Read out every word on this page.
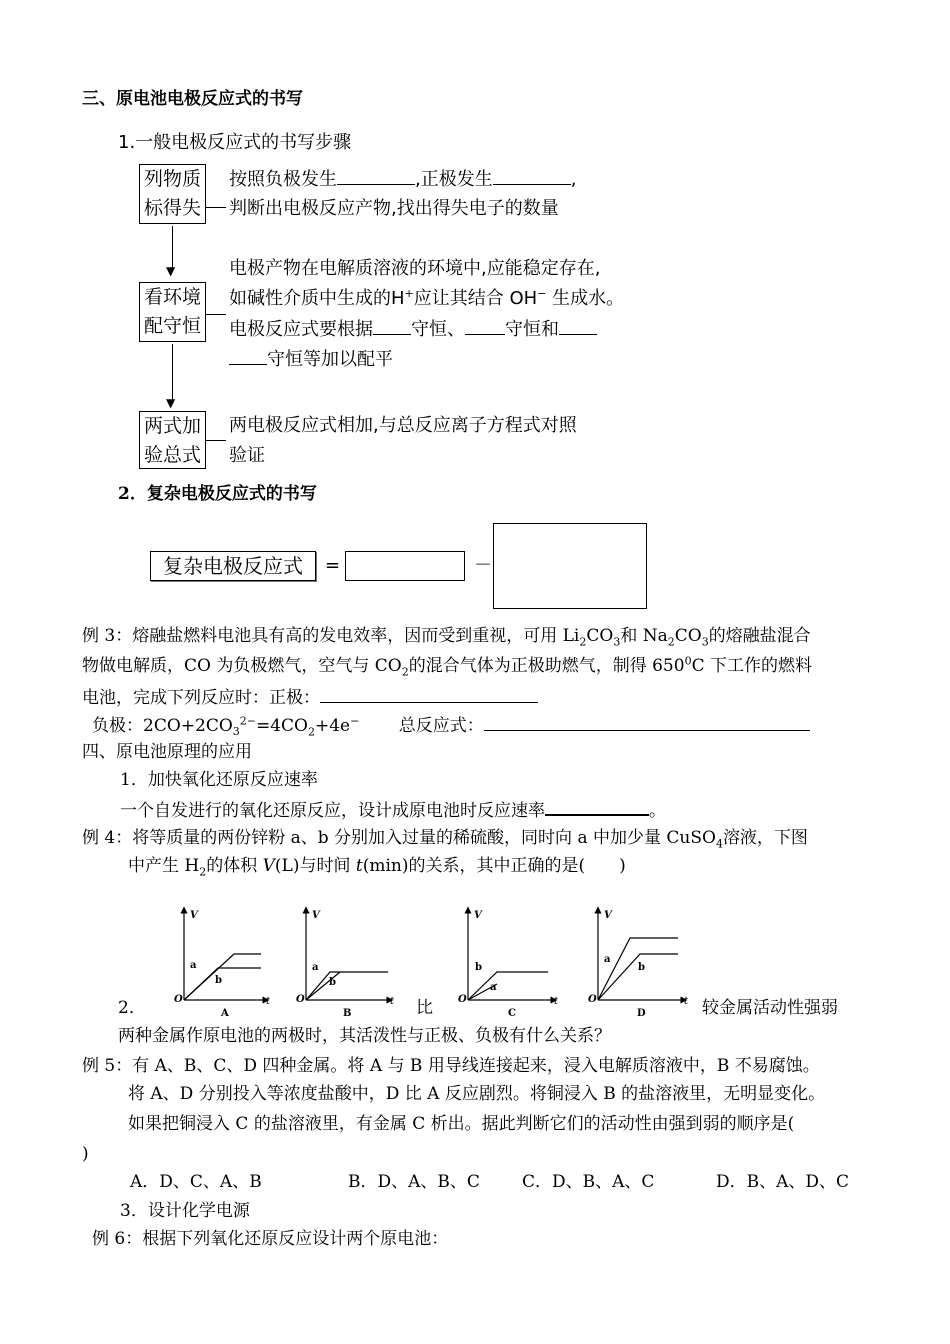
三、原电池电极反应式的书写
1.一般电极反应式的书写步骤
列物质
标得失
按照负极发生	,正极发生	,
判断出电极反应产物,找出得失电子的数量
▼
看环境
配守恒
电极产物在电解质溶液的环境中,应能稳定存在,
如碱性介质中生成的H+应让其结合 OH− 生成水。
电极反应式要根据 守恒、 守恒和
守恒等加以配平
▼
两式加
验总式
两电极反应式相加,与总反应离子方程式对照
验证
2．复杂电极反应式的书写
复杂电极反应式	=	－
例 3：熔融盐燃料电池具有高的发电效率，因而受到重视，可用 $Li_2CO_3$和 $Na_2CO_3$的熔融盐混合
物做电解质，CO 为负极燃气，空气与 $CO_2$的混合气体为正极助燃气，制得 $650^0C$ 下工作的燃料
电池，完成下列反应时：正极：
负极：$2CO+2CO_3^{2-}=4CO_2+4e^-$ 总反应式：
四、原电池原理的应用
1．加快氧化还原反应速率
一个自发进行的氧化还原反应，设计成原电池时反应速率	。
例 4：将等质量的两份锌粉 a、b 分别加入过量的稀硫酸，同时向 a 中加少量 CuSO$_4$溶液，下图
中产生 $H_2$的体积 V(L)与时间 t(min)的关系，其中正确的是(　　)
V
t
O
A
a
b
V
t
O
B
a
b
V
t
O
C
b
a
V
t
O
D
a
b
2．	比	较金属活动性强弱
两种金属作原电池的两极时，其活泼性与正极、负极有什么关系？
例 5：有 A、B、C、D 四种金属。将 A 与 B 用导线连接起来，浸入电解质溶液中，B 不易腐蚀。
将 A、D 分别投入等浓度盐酸中，D 比 A 反应剧烈。将铜浸入 B 的盐溶液里，无明显变化。
如果把铜浸入 C 的盐溶液里，有金属 C 析出。据此判断它们的活动性由强到弱的顺序是(
)
A．D、C、A、B	B．D、A、B、C C．D、B、A、C	D．B、A、D、C
3．设计化学电源
例 6：根据下列氧化还原反应设计两个原电池：
